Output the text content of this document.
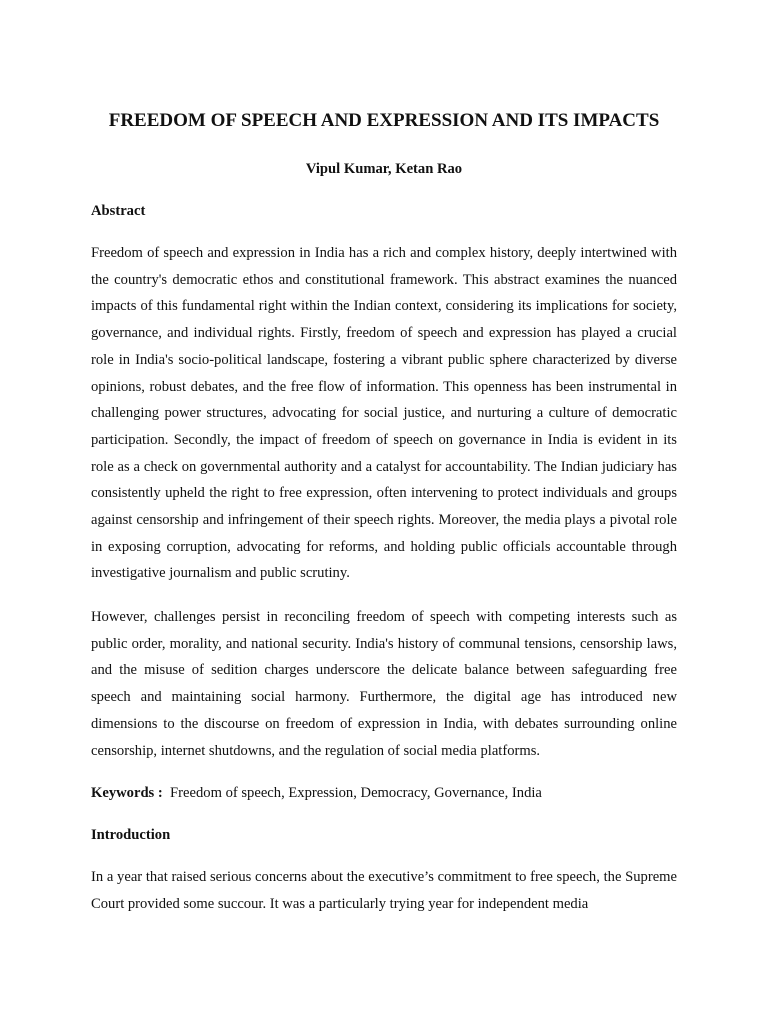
FREEDOM OF SPEECH AND EXPRESSION AND ITS IMPACTS

Vipul Kumar, Ketan Rao

Abstract

Freedom of speech and expression in India has a rich and complex history, deeply intertwined with the country's democratic ethos and constitutional framework. This abstract examines the nuanced impacts of this fundamental right within the Indian context, considering its implications for society, governance, and individual rights. Firstly, freedom of speech and expression has played a crucial role in India's socio-political landscape, fostering a vibrant public sphere characterized by diverse opinions, robust debates, and the free flow of information. This openness has been instrumental in challenging power structures, advocating for social justice, and nurturing a culture of democratic participation. Secondly, the impact of freedom of speech on governance in India is evident in its role as a check on governmental authority and a catalyst for accountability. The Indian judiciary has consistently upheld the right to free expression, often intervening to protect individuals and groups against censorship and infringement of their speech rights. Moreover, the media plays a pivotal role in exposing corruption, advocating for reforms, and holding public officials accountable through investigative journalism and public scrutiny.

However, challenges persist in reconciling freedom of speech with competing interests such as public order, morality, and national security. India's history of communal tensions, censorship laws, and the misuse of sedition charges underscore the delicate balance between safeguarding free speech and maintaining social harmony. Furthermore, the digital age has introduced new dimensions to the discourse on freedom of expression in India, with debates surrounding online censorship, internet shutdowns, and the regulation of social media platforms.

Keywords : Freedom of speech, Expression, Democracy, Governance, India

Introduction

In a year that raised serious concerns about the executive’s commitment to free speech, the Supreme Court provided some succour. It was a particularly trying year for independent media
